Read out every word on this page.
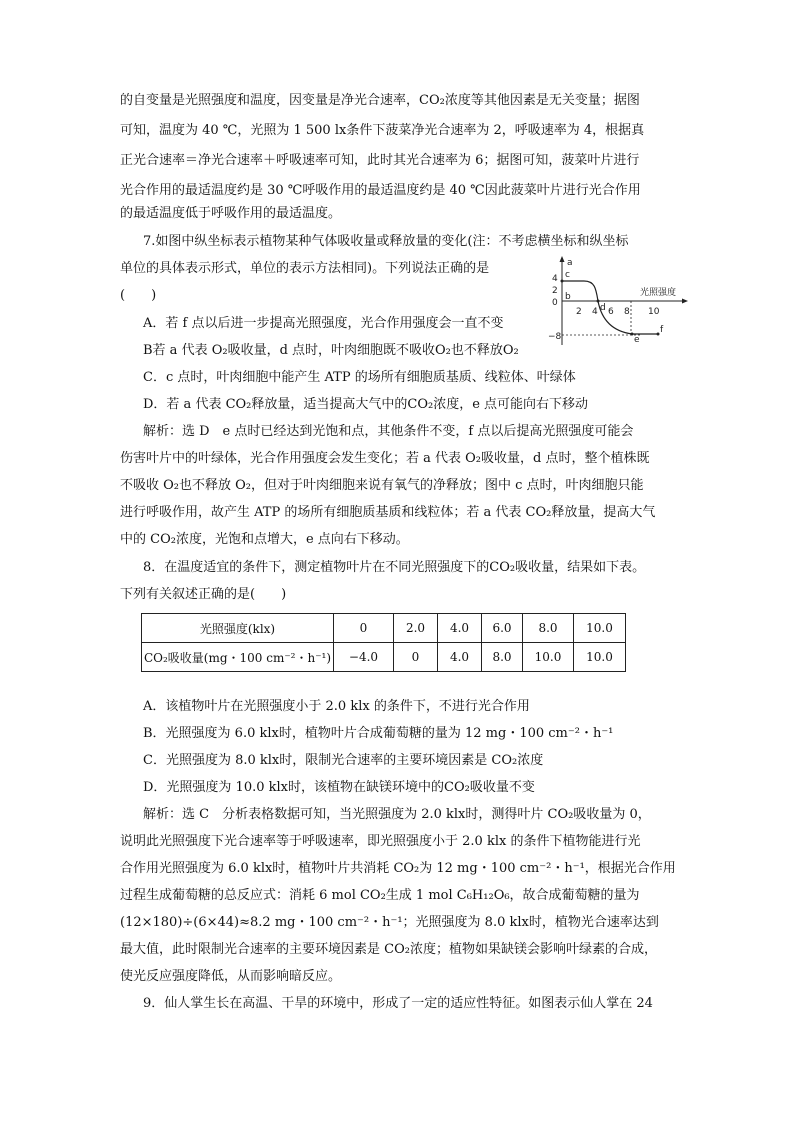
的自变量是光照强度和温度，因变量是净光合速率，CO₂浓度等其他因素是无关变量；据图
可知，温度为 40 ℃，光照为 1 500 lx条件下菠菜净光合速率为 2，呼吸速率为 4，根据真
正光合速率＝净光合速率＋呼吸速率可知，此时其光合速率为 6；据图可知，菠菜叶片进行
光合作用的最适温度约是 30 ℃呼吸作用的最适温度约是 40 ℃因此菠菜叶片进行光合作用
的最适温度低于呼吸作用的最适温度。
7.如图中纵坐标表示植物某种气体吸收量或释放量的变化(注：不考虑横坐标和纵坐标
单位的具体表示形式，单位的表示方法相同)。下列说法正确的是
(　　)
A．若 f 点以后进一步提高光照强度，光合作用强度会一直不变
B若 a 代表 O₂吸收量，d 点时，叶肉细胞既不吸收O₂也不释放O₂
C．c 点时，叶肉细胞中能产生 ATP 的场所有细胞质基质、线粒体、叶绿体
D．若 a 代表 CO₂释放量，适当提高大气中的CO₂浓度，e 点可能向右下移动
解析：选 D　e 点时已经达到光饱和点，其他条件不变，f 点以后提高光照强度可能会
伤害叶片中的叶绿体，光合作用强度会发生变化；若 a 代表 O₂吸收量，d 点时，整个植株既
不吸收 O₂也不释放 O₂，但对于叶肉细胞来说有氧气的净释放；图中 c 点时，叶肉细胞只能
进行呼吸作用，故产生 ATP 的场所有细胞质基质和线粒体；若 a 代表 CO₂释放量，提高大气
中的 CO₂浓度，光饱和点增大，e 点向右下移动。
a
光照强度
4
2
0
−8
2 4 6 8 10
c
b
d
e
f
8．在温度适宜的条件下，测定植物叶片在不同光照强度下的CO₂吸收量，结果如下表。
下列有关叙述正确的是(　　)
光照强度(klx)	0	2.0	4.0	6.0	8.0	10.0
CO₂吸收量(mg・100 cm⁻²・h⁻¹)	−4.0	0	4.0	8.0	10.0	10.0
A．该植物叶片在光照强度小于 2.0 klx 的条件下，不进行光合作用
B．光照强度为 6.0 klx时，植物叶片合成葡萄糖的量为 12 mg・100 cm⁻²・h⁻¹
C．光照强度为 8.0 klx时，限制光合速率的主要环境因素是 CO₂浓度
D．光照强度为 10.0 klx时，该植物在缺镁环境中的CO₂吸收量不变
解析：选 C　分析表格数据可知，当光照强度为 2.0 klx时，测得叶片 CO₂吸收量为 0，
说明此光照强度下光合速率等于呼吸速率，即光照强度小于 2.0 klx 的条件下植物能进行光
合作用光照强度为 6.0 klx时，植物叶片共消耗 CO₂为 12 mg・100 cm⁻²・h⁻¹，根据光合作用
过程生成葡萄糖的总反应式：消耗 6 mol CO₂生成 1 mol C₆H₁₂O₆，故合成葡萄糖的量为
(12×180)÷(6×44)≈8.2 mg・100 cm⁻²・h⁻¹；光照强度为 8.0 klx时，植物光合速率达到
最大值，此时限制光合速率的主要环境因素是 CO₂浓度；植物如果缺镁会影响叶绿素的合成，
使光反应强度降低，从而影响暗反应。
9．仙人掌生长在高温、干旱的环境中，形成了一定的适应性特征。如图表示仙人掌在 24
